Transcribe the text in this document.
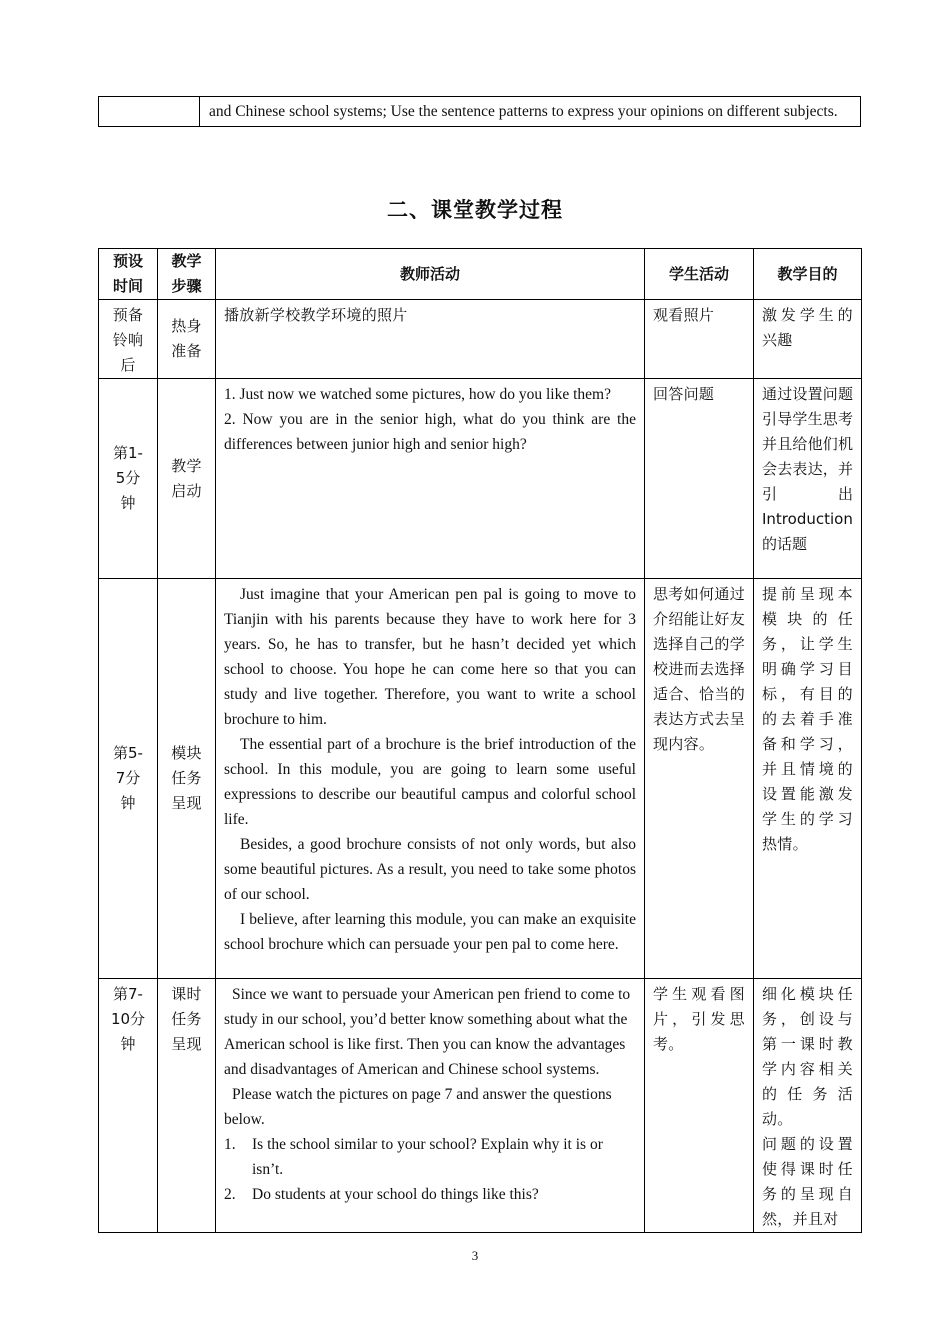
	and Chinese school systems; Use the sentence patterns to express your opinions on different subjects.
二、课堂教学过程
预设时间	教学步骤	教师活动	学生活动	教学目的
预备铃响后	热身准备	播放新学校教学环境的照片	观看照片	激发学生的兴趣
第1-5分钟	教学启动	1. Just now we watched some pictures, how do you like them?
2. Now you are in the senior high, what do you think are the differences between junior high and senior high?	回答问题	通过设置问题引导学生思考并且给他们机会去表达，并引出Introduction的话题
第5-7分钟	模块任务呈现	Just imagine that your American pen pal is going to move to Tianjin with his parents because they have to work here for 3 years. So, he has to transfer, but he hasn’t decided yet which school to choose. You hope he can come here so that you can study and live together. Therefore, you want to write a school brochure to him.
The essential part of a brochure is the brief introduction of the school. In this module, you are going to learn some useful expressions to describe our beautiful campus and colorful school life.
Besides, a good brochure consists of not only words, but also some beautiful pictures. As a result, you need to take some photos of our school.
I believe, after learning this module, you can make an exquisite school brochure which can persuade your pen pal to come here.	思考如何通过介绍能让好友选择自己的学校进而去选择适合、恰当的表达方式去呈现内容。	提前呈现本模块的任务，让学生明确学习目标，有目的的去着手准备和学习，并且情境的设置能激发学生的学习热情。
第7-10分钟	课时任务呈现	Since we want to persuade your American pen friend to come to study in our school, you’d better know something about what the American school is like first. Then you can know the advantages and disadvantages of American and Chinese school systems.
Please watch the pictures on page 7 and answer the questions below.
1. Is the school similar to your school? Explain why it is or isn’t.
2. Do students at your school do things like this?	学生观看图片，引发思考。	细化模块任务，创设与第一课时教学内容相关的任务活动。
问题的设置使得课时任务的呈现自然，并且对
3
